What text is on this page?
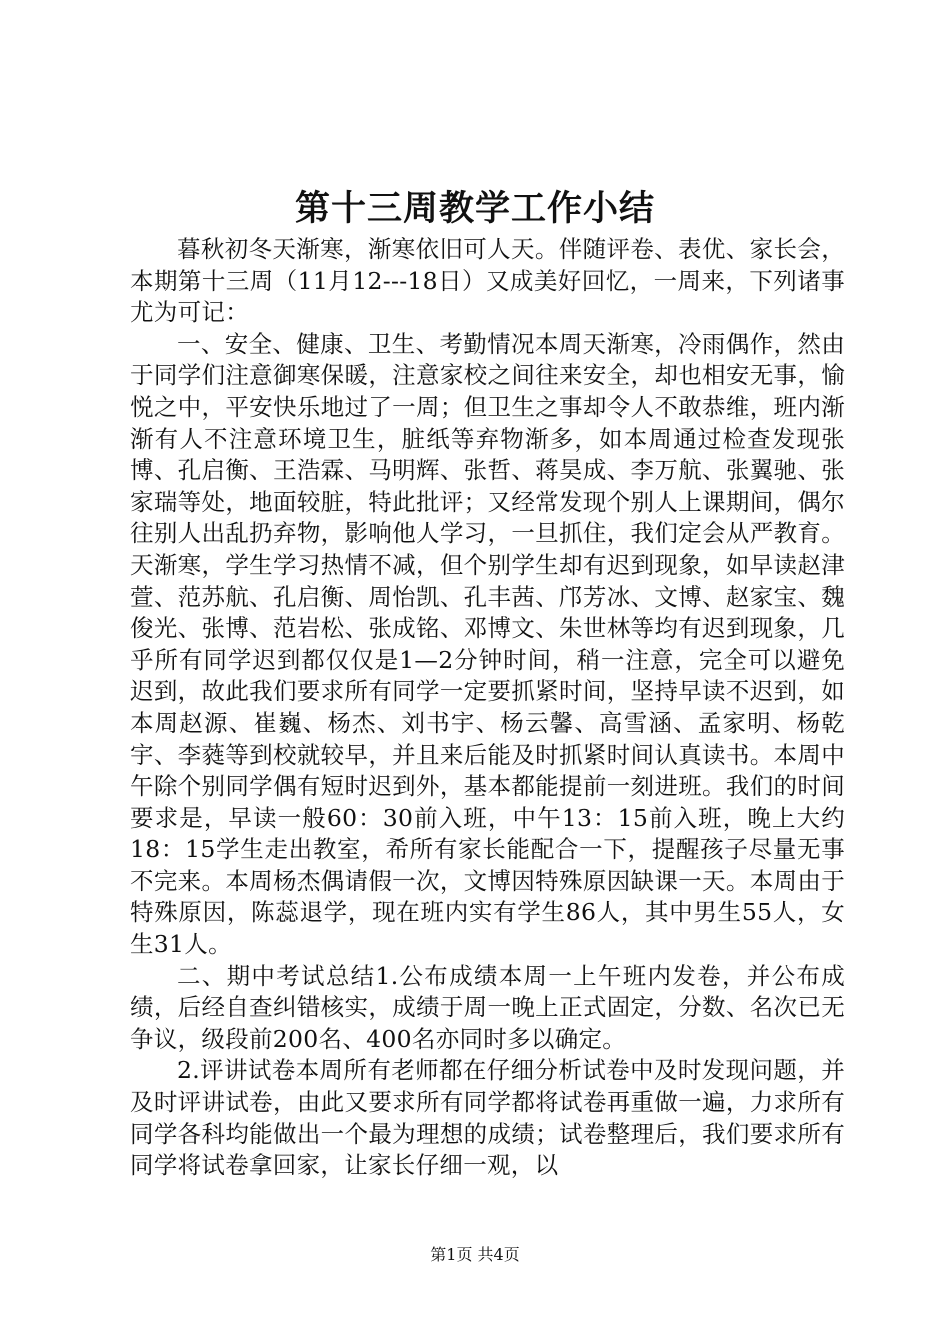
第十三周教学工作小结

暮秋初冬天渐寒，渐寒依旧可人天。伴随评卷、表优、家长会，本期第十三周（11月12---18日）又成美好回忆，一周来，下列诸事尤为可记：

一、安全、健康、卫生、考勤情况本周天渐寒，冷雨偶作，然由于同学们注意御寒保暖，注意家校之间往来安全，却也相安无事，愉悦之中，平安快乐地过了一周；但卫生之事却令人不敢恭维，班内渐渐有人不注意环境卫生，脏纸等弃物渐多，如本周通过检查发现张博、孔启衡、王浩霖、马明辉、张哲、蒋昊成、李万航、张翼驰、张家瑞等处，地面较脏，特此批评；又经常发现个别人上课期间，偶尔往别人出乱扔弃物，影响他人学习，一旦抓住，我们定会从严教育。天渐寒，学生学习热情不减，但个别学生却有迟到现象，如早读赵津萱、范苏航、孔启衡、周怡凯、孔丰茜、邝芳冰、文博、赵家宝、魏俊光、张博、范岩松、张成铭、邓博文、朱世林等均有迟到现象，几乎所有同学迟到都仅仅是1—2分钟时间，稍一注意，完全可以避免迟到，故此我们要求所有同学一定要抓紧时间，坚持早读不迟到，如本周赵源、崔巍、杨杰、刘书宇、杨云馨、高雪涵、孟家明、杨乾宇、李蕤等到校就较早，并且来后能及时抓紧时间认真读书。本周中午除个别同学偶有短时迟到外，基本都能提前一刻进班。我们的时间要求是，早读一般60：30前入班，中午13：15前入班，晚上大约18：15学生走出教室，希所有家长能配合一下，提醒孩子尽量无事不完来。本周杨杰偶请假一次，文博因特殊原因缺课一天。本周由于特殊原因，陈蕊退学，现在班内实有学生86人，其中男生55人，女生31人。

二、期中考试总结1.公布成绩本周一上午班内发卷，并公布成绩，后经自查纠错核实，成绩于周一晚上正式固定，分数、名次已无争议，级段前200名、400名亦同时多以确定。

2.评讲试卷本周所有老师都在仔细分析试卷中及时发现问题，并及时评讲试卷，由此又要求所有同学都将试卷再重做一遍，力求所有同学各科均能做出一个最为理想的成绩；试卷整理后，我们要求所有同学将试卷拿回家，让家长仔细一观，以

第1页 共4页
